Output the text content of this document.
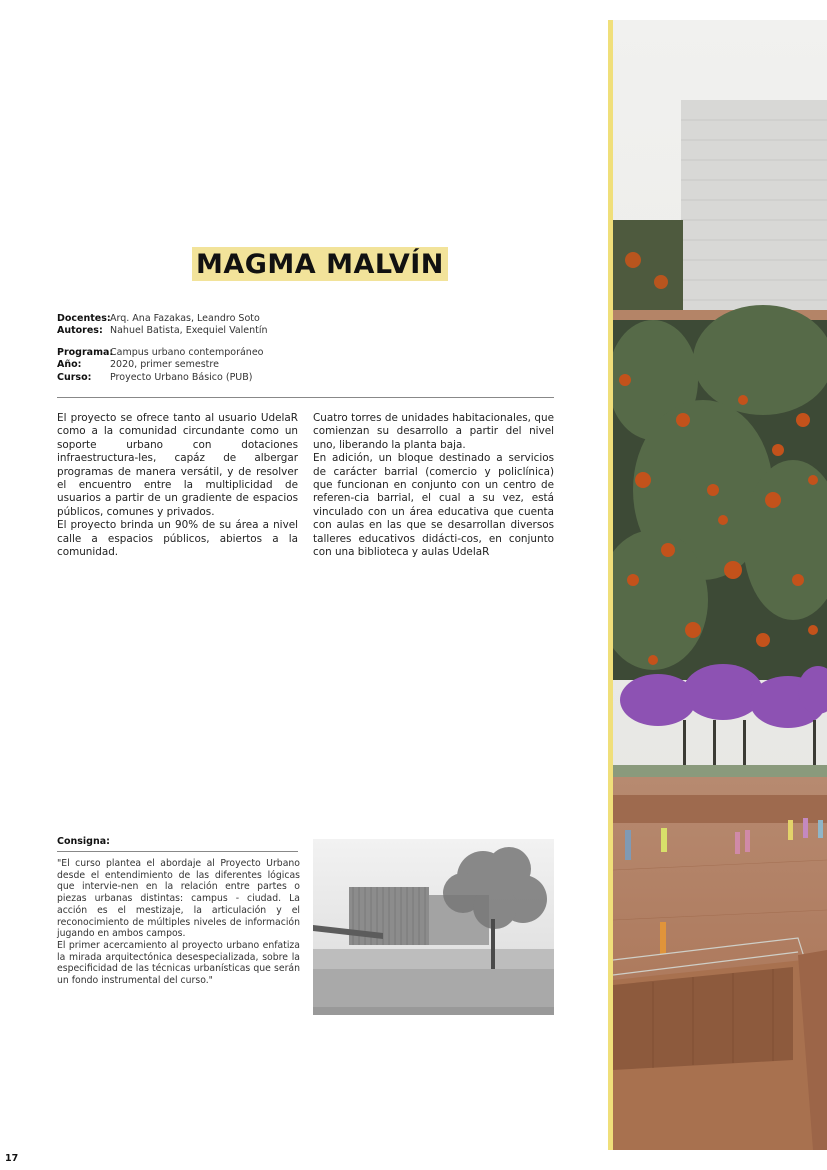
MAGMA MALVÍN
Docentes: Arq. Ana Fazakas, Leandro Soto
Autores: Nahuel Batista, Exequiel Valentín
Programa:
Campus urbano contemporáneo
Año:	2020, primer semestre
Curso:	Proyecto Urbano Básico (PUB)

El proyecto se ofrece tanto al usuario UdelaR como a la comunidad circundante como un soporte urbano con dotaciones infraestructura-les, capáz de albergar programas de manera versátil, y de resolver el encuentro entre la multiplicidad de usuarios a partir de un gradiente de espacios públicos, comunes y privados.

El proyecto brinda un 90% de su área a nivel calle a espacios públicos, abiertos a la comunidad.

Cuatro torres de unidades habitacionales, que comienzan su desarrollo a partir del nivel uno, liberando la planta baja.

En adición, un bloque destinado a servicios de carácter barrial (comercio y policlínica) que funcionan en conjunto con un centro de referen-cia barrial, el cual a su vez, está vinculado con un área educativa que cuenta con aulas en las que se desarrollan diversos talleres educativos didácti-cos, en conjunto con una biblioteca y aulas UdelaR

Consigna:

"El curso plantea el abordaje al Proyecto Urbano desde el entendimiento de las diferentes lógicas que intervie-nen en la relación entre partes o piezas urbanas distintas: campus - ciudad. La acción es el mestizaje, la articulación y el reconocimiento de múltiples niveles de información jugando en ambos campos.

El primer acercamiento al proyecto urbano enfatiza la mirada arquitectónica desespecializada, sobre la especificidad de las técnicas urbanísticas que serán un fondo instrumental del curso."

17
